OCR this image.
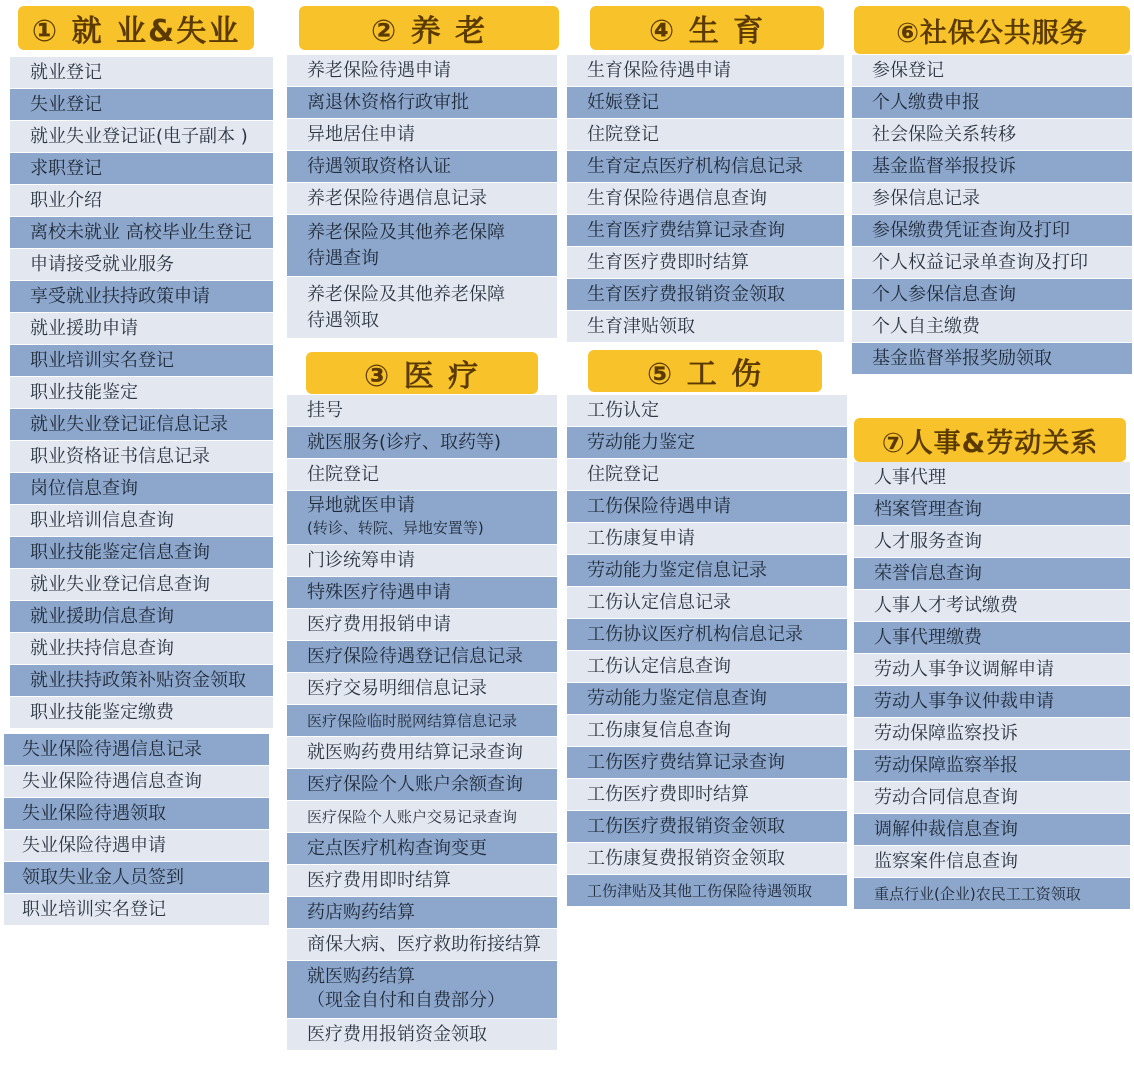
① 就 业&失业	② 养 老	④ 生 育	⑥社保公共服务
③ 医 疗	⑤ 工 伤
⑦人事&劳动关系
就业登记
失业登记
就业失业登记证(电子副本 )
求职登记
职业介绍
离校未就业 高校毕业生登记
申请接受就业服务
享受就业扶持政策申请
就业援助申请
职业培训实名登记
职业技能鉴定
就业失业登记证信息记录
职业资格证书信息记录
岗位信息查询
职业培训信息查询
职业技能鉴定信息查询
就业失业登记信息查询
就业援助信息查询
就业扶持信息查询
就业扶持政策补贴资金领取
职业技能鉴定缴费
失业保险待遇信息记录
失业保险待遇信息查询
失业保险待遇领取
失业保险待遇申请
领取失业金人员签到
职业培训实名登记
养老保险待遇申请
离退休资格行政审批
异地居住申请
待遇领取资格认证
养老保险待遇信息记录
养老保险及其他养老保障
待遇查询
养老保险及其他养老保障
待遇领取
挂号
就医服务(诊疗、取药等)
住院登记
异地就医申请
(转诊、转院、异地安置等)
门诊统筹申请
特殊医疗待遇申请
医疗费用报销申请
医疗保险待遇登记信息记录
医疗交易明细信息记录
医疗保险临时脱网结算信息记录
就医购药费用结算记录查询
医疗保险个人账户余额查询
医疗保险个人账户交易记录查询
定点医疗机构查询变更
医疗费用即时结算
药店购药结算
商保大病、医疗救助衔接结算
就医购药结算
（现金自付和自费部分）
医疗费用报销资金领取
生育保险待遇申请
妊娠登记
住院登记
生育定点医疗机构信息记录
生育保险待遇信息查询
生育医疗费结算记录查询
生育医疗费即时结算
生育医疗费报销资金领取
生育津贴领取
工伤认定
劳动能力鉴定
住院登记
工伤保险待遇申请
工伤康复申请
劳动能力鉴定信息记录
工伤认定信息记录
工伤协议医疗机构信息记录
工伤认定信息查询
劳动能力鉴定信息查询
工伤康复信息查询
工伤医疗费结算记录查询
工伤医疗费即时结算
工伤医疗费报销资金领取
工伤康复费报销资金领取
工伤津贴及其他工伤保险待遇领取
参保登记
个人缴费申报
社会保险关系转移
基金监督举报投诉
参保信息记录
参保缴费凭证查询及打印
个人权益记录单查询及打印
个人参保信息查询
个人自主缴费
基金监督举报奖励领取
人事代理
档案管理查询
人才服务查询
荣誉信息查询
人事人才考试缴费
人事代理缴费
劳动人事争议调解申请
劳动人事争议仲裁申请
劳动保障监察投诉
劳动保障监察举报
劳动合同信息查询
调解仲裁信息查询
监察案件信息查询
重点行业(企业)农民工工资领取
